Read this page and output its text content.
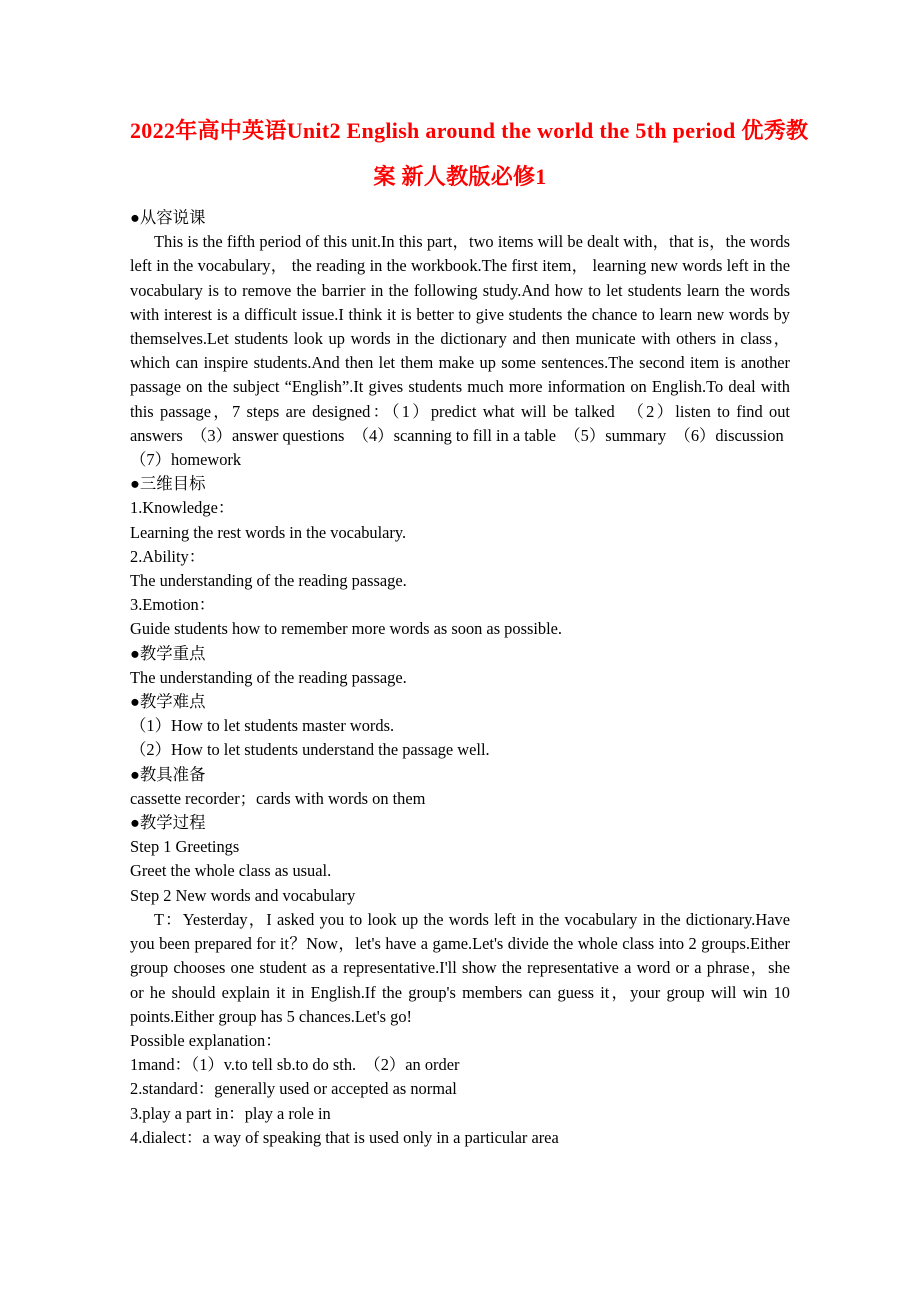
2022年高中英语Unit2 English around the world the 5th period 优秀教
案 新人教版必修1

●从容说课

This is the fifth period of this unit.In this part，two items will be dealt with，that is，the words left in the vocabulary， the reading in the workbook.The first item， learning new words left in the vocabulary is to remove the barrier in the following study.And how to let students learn the words with interest is a difficult issue.I think it is better to give students the chance to learn new words by themselves.Let students look up words in the dictionary and then municate with others in class，which can inspire students.And then let them make up some sentences.The second item is another passage on the subject “English”.It gives students much more information on English.To deal with this passage，7 steps are designed：（1）predict what will be talked　（2）listen to find out answers　（3）answer questions　（4）scanning to fill in a table　（5）summary　（6）discussion

（7）homework

●三维目标

1.Knowledge：

Learning the rest words in the vocabulary.

2.Ability：

The understanding of the reading passage.

3.Emotion：

Guide students how to remember more words as soon as possible.

●教学重点

The understanding of the reading passage.

●教学难点

（1）How to let students master words.

（2）How to let students understand the passage well.

●教具准备

cassette recorder；cards with words on them

●教学过程

Step 1 Greetings

Greet the whole class as usual.

Step 2 New words and vocabulary

T：Yesterday，I asked you to look up the words left in the vocabulary in the dictionary.Have you been prepared for it？Now，let's have a game.Let's divide the whole class into 2 groups.Either group chooses one student as a representative.I'll show the representative a word or a phrase，she or he should explain it in English.If the group's members can guess it，your group will win 10 points.Either group has 5 chances.Let's go!

Possible explanation：

1mand：（1）v.to tell sb.to do sth.　（2）an order

2.standard：generally used or accepted as normal

3.play a part in：play a role in

4.dialect：a way of speaking that is used only in a particular area
